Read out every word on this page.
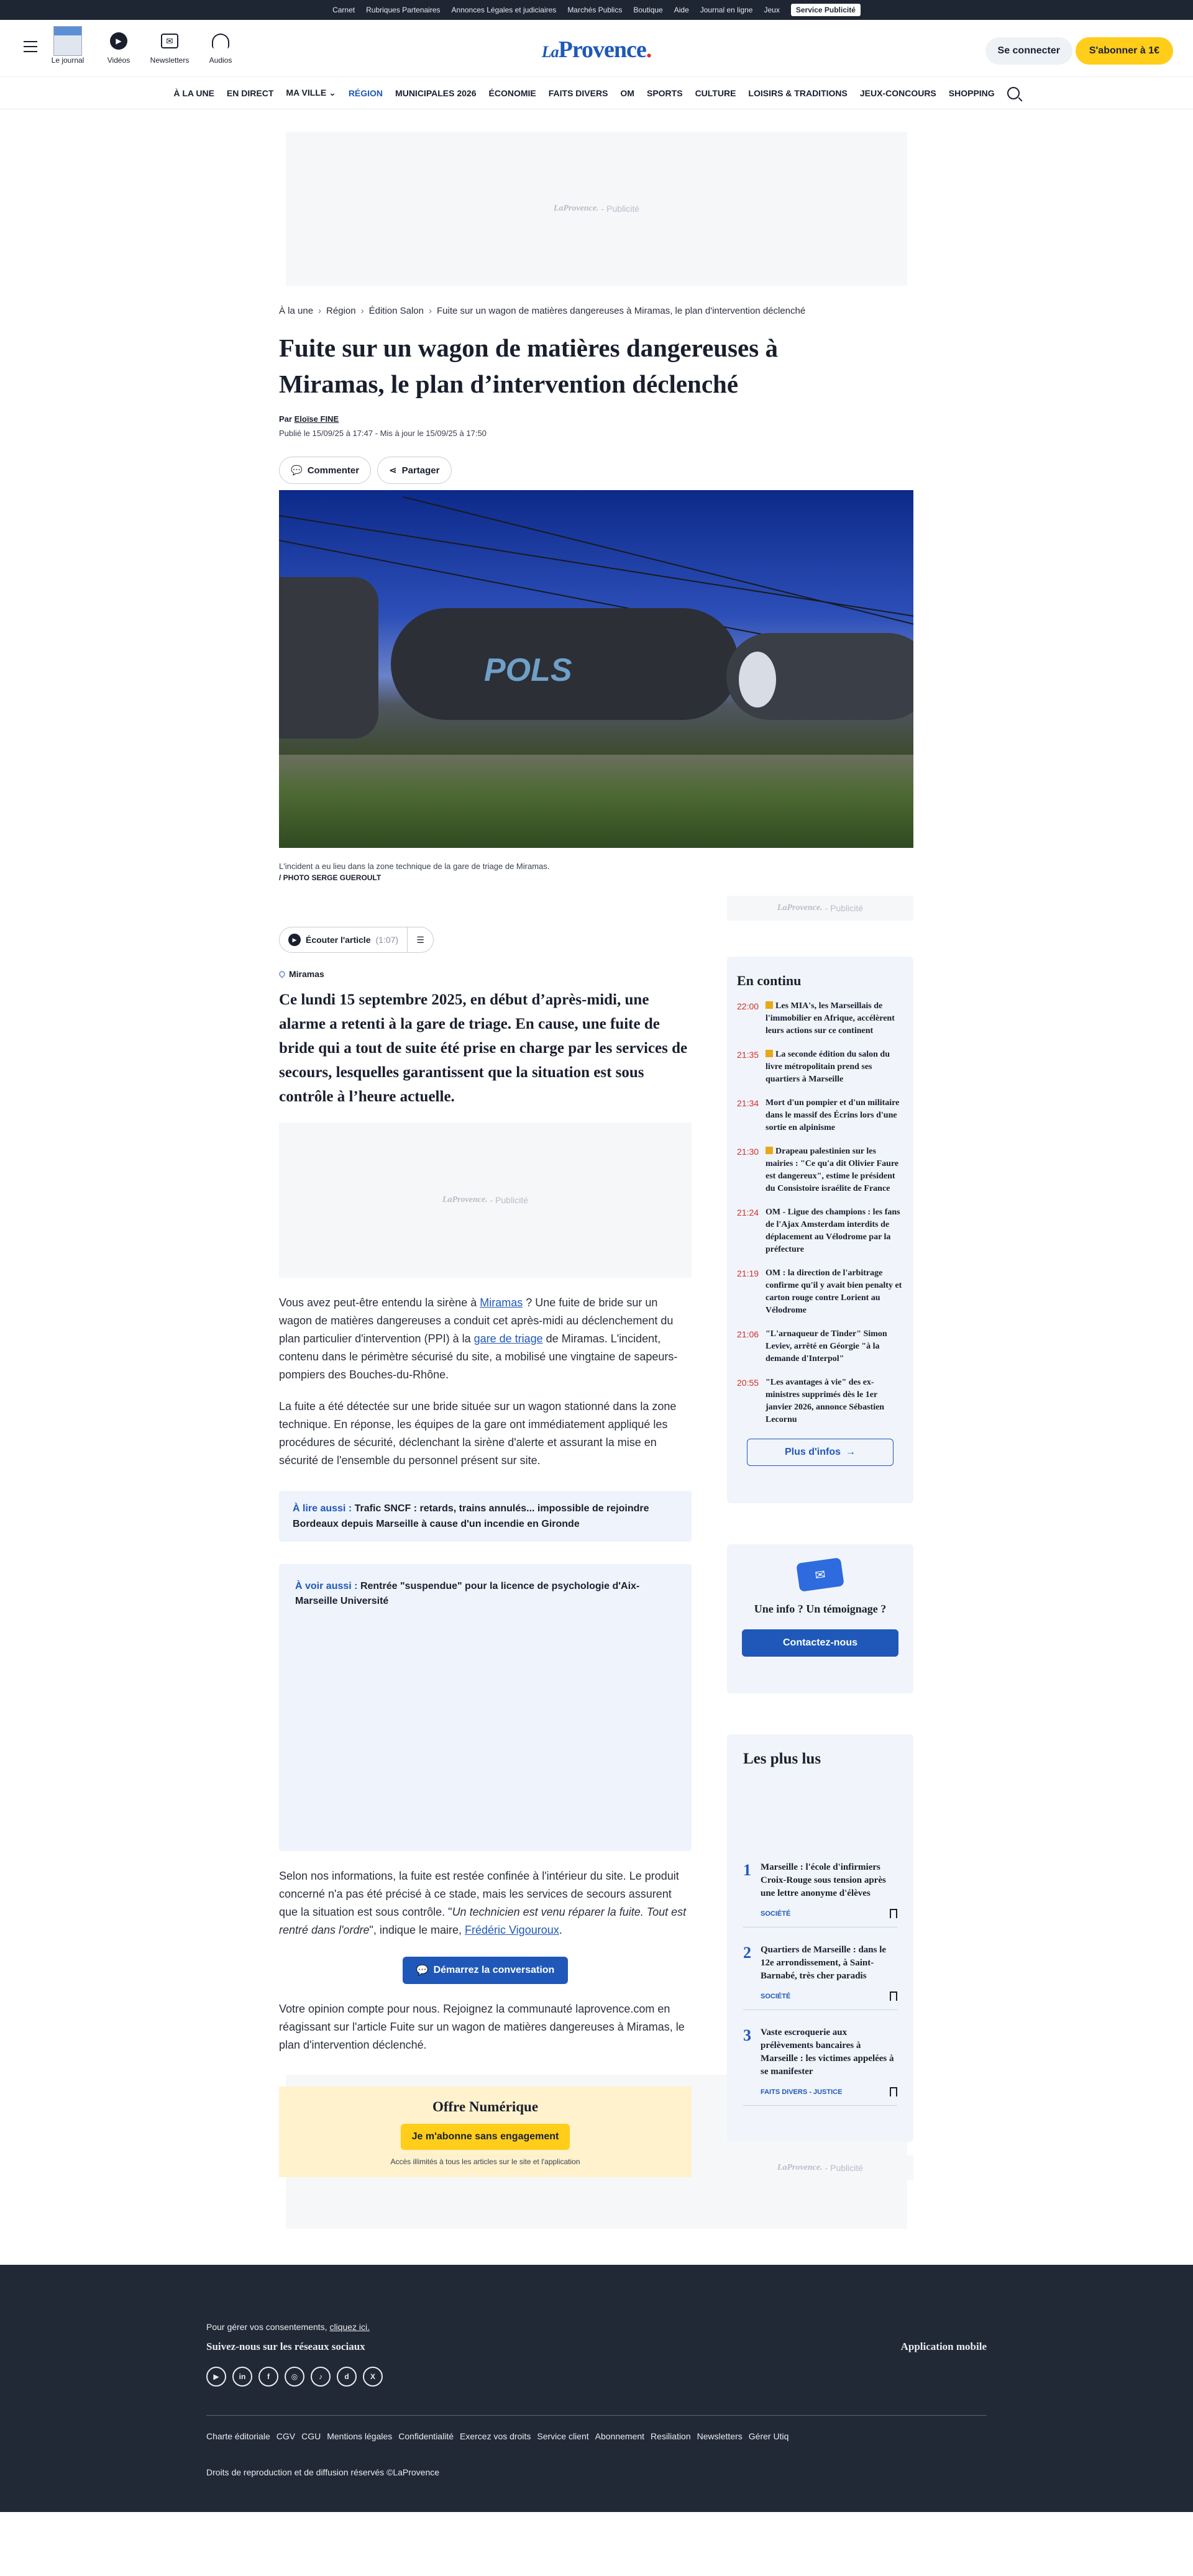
Carnet Rubriques Partenaires Annonces Légales et judiciaires Marchés Publics Boutique Aide Journal en ligne Jeux	Service Publicité
Le journal
▶
Vidéos
✉
Newsletters	Audios	LaProvence.	Se connecter	S'abonner à 1€
À LA UNE EN DIRECT MA VILLE ⌄ RÉGION MUNICIPALES 2026 ÉCONOMIE FAITS DIVERS OM SPORTS CULTURE LOISIRS & TRADITIONS JEUX-CONCOURS SHOPPING
LaProvence. - Publicité
À la une › Région › Édition Salon › Fuite sur un wagon de matières dangereuses à Miramas, le plan d'intervention déclenché
Fuite sur un wagon de matières dangereuses à Miramas, le plan d’intervention déclenché
Par Eloïse FINE
Publié le 15/09/25 à 17:47 - Mis à jour le 15/09/25 à 17:50
💬 Commenter	⋖ Partager
POLS
L'incident a eu lieu dans la zone technique de la gare de triage de Miramas.
/ PHOTO SERGE GUEROULT
▶	Écouter l'article (1:07)	☰
Miramas

Ce lundi 15 septembre 2025, en début d’après-midi, une alarme a retenti à la gare de triage. En cause, une fuite de bride qui a tout de suite été prise en charge par les services de secours, lesquelles garantissent que la situation est sous contrôle à l’heure actuelle.

LaProvence. - Publicité

Vous avez peut-être entendu la sirène à Miramas ? Une fuite de bride sur un wagon de matières dangereuses a conduit cet après-midi au déclenchement du plan particulier d'intervention (PPI) à la gare de triage de Miramas. L'incident, contenu dans le périmètre sécurisé du site, a mobilisé une vingtaine de sapeurs-pompiers des Bouches-du-Rhône.

La fuite a été détectée sur une bride située sur un wagon stationné dans la zone technique. En réponse, les équipes de la gare ont immédiatement appliqué les procédures de sécurité, déclenchant la sirène d'alerte et assurant la mise en sécurité de l'ensemble du personnel présent sur site.

À lire aussi : Trafic SNCF : retards, trains annulés... impossible de rejoindre Bordeaux depuis Marseille à cause d'un incendie en Gironde
À voir aussi : Rentrée "suspendue" pour la licence de psychologie d'Aix-Marseille Université

Selon nos informations, la fuite est restée confinée à l'intérieur du site. Le produit concerné n'a pas été précisé à ce stade, mais les services de secours assurent que la situation est sous contrôle. "Un technicien est venu réparer la fuite. Tout est rentré dans l'ordre", indique le maire, Frédéric Vigouroux.

💬 Démarrez la conversation

Votre opinion compte pour nous. Rejoignez la communauté laprovence.com en réagissant sur l'article Fuite sur un wagon de matières dangereuses à Miramas, le plan d'intervention déclenché.

Offre Numérique
Je m'abonne sans engagement
Accès illimités à tous les articles sur le site et l'application
LaProvence. - Publicité
En continu
22:00	Les MIA's, les Marseillais de l'immobilier en Afrique, accélèrent leurs actions sur ce continent
21:35	La seconde édition du salon du livre métropolitain prend ses quartiers à Marseille
21:34 Mort d'un pompier et d'un militaire dans le massif des Écrins lors d'une sortie en alpinisme
21:30	Drapeau palestinien sur les mairies : "Ce qu'a dit Olivier Faure est dangereux", estime le président du Consistoire israélite de France
21:24 OM - Ligue des champions : les fans de l'Ajax Amsterdam interdits de déplacement au Vélodrome par la préfecture
21:19 OM : la direction de l'arbitrage confirme qu'il y avait bien penalty et carton rouge contre Lorient au Vélodrome
21:06 "L'arnaqueur de Tinder" Simon Leviev, arrêté en Géorgie "à la demande d'Interpol"
20:55 "Les avantages à vie" des ex-ministres supprimés dès le 1er janvier 2026, annonce Sébastien Lecornu
Plus d'infos →
✉
Une info ? Un témoignage ?
Contactez-nous
Les plus lus
1	Marseille : l'école d'infirmiers Croix-Rouge sous tension après une lettre anonyme d'élèves
SOCIÉTÉ
2	Quartiers de Marseille : dans le 12e arrondissement, à Saint-Barnabé, très cher paradis
SOCIÉTÉ
3	Vaste escroquerie aux prélèvements bancaires à Marseille : les victimes appelées à se manifester
FAITS DIVERS - JUSTICE
LaProvence. - Publicité
Pour gérer vos consentements, cliquez ici.
Suivez-nous sur les réseaux sociaux	Application mobile
▶	in	f	◎	♪	d	X
Charte éditoriale CGV CGU Mentions légales Confidentialité Exercez vos droits Service client Abonnement Resiliation Newsletters Gérer Utiq
Droits de reproduction et de diffusion réservés ©LaProvence
